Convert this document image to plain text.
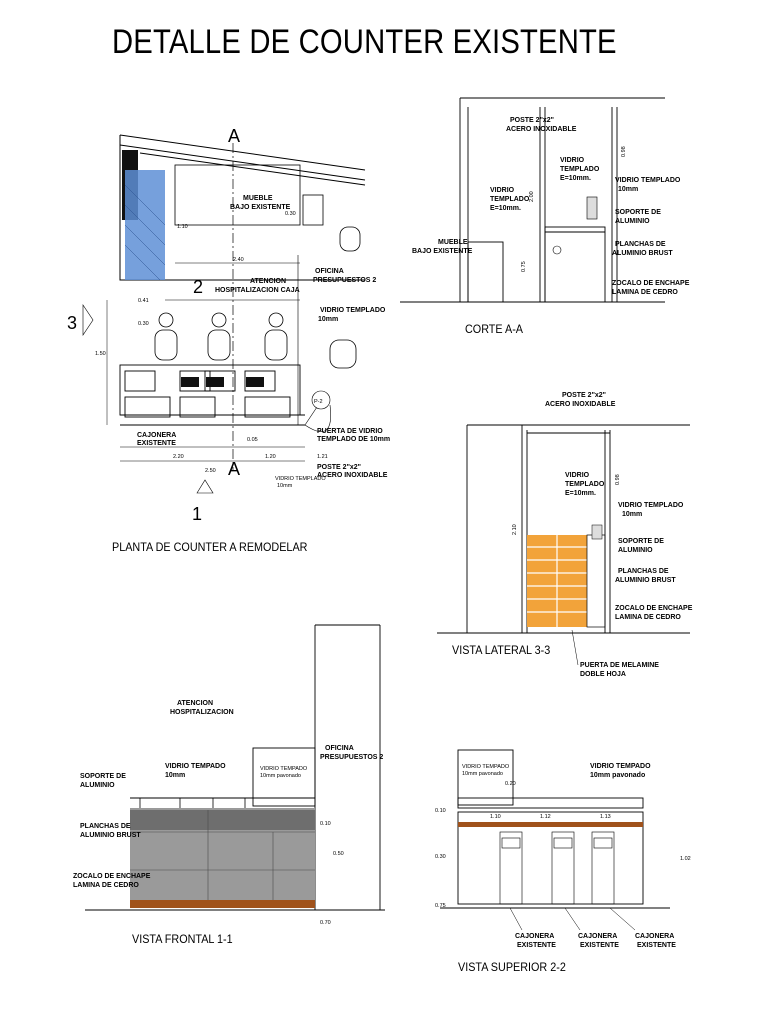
DETALLE DE COUNTER EXISTENTE
A
A
1
2
3
P-2
MUEBLE
BAJO EXISTENTE
ATENCION
HOSPITALIZACION CAJA
OFICINA
PRESUPUESTOS 2
VIDRIO TEMPLADO
10mm
CAJONERA
EXISTENTE
PUERTA DE VIDRIO
TEMPLADO DE 10mm
POSTE 2"x2"
ACERO INOXIDABLE
VIDRIO TEMPLADO
10mm
0.30
1.10
2.40
0.41
0.30
1.50
0.05
2.20	1.20	1.21
2.50
PLANTA DE COUNTER A REMODELAR
POSTE 2"x2"
ACERO INOXIDABLE
VIDRIO
TEMPLADO
E=10mm.
VIDRIO
TEMPLADO
E=10mm.
VIDRIO TEMPLADO
10mm
SOPORTE DE
ALUMINIO
PLANCHAS DE
ALUMINIO BRUST
ZOCALO DE ENCHAPE
LAMINA DE CEDRO
MUEBLE
BAJO EXISTENTE
2.00
0.98
0.75
CORTE A-A
POSTE 2"x2"
ACERO INOXIDABLE
VIDRIO
TEMPLADO
E=10mm.
VIDRIO TEMPLADO
10mm
SOPORTE DE
ALUMINIO
PLANCHAS DE
ALUMINIO BRUST
ZOCALO DE ENCHAPE
LAMINA DE CEDRO
PUERTA DE MELAMINE
DOBLE HOJA
2.10
0.98
VISTA LATERAL 3-3
ATENCION
HOSPITALIZACION
OFICINA
PRESUPUESTOS 2
VIDRIO TEMPADO
10mm
VIDRIO TEMPADO
10mm pavonado
SOPORTE DE
ALUMINIO
PLANCHAS DE
ALUMINIO BRUST
ZOCALO DE ENCHAPE
LAMINA DE CEDRO
0.10
0.50
0.70
VISTA FRONTAL 1-1
VIDRIO TEMPADO
10mm pavonado
VIDRIO TEMPADO
10mm pavonado
CAJONERA
EXISTENTE
CAJONERA
EXISTENTE
CAJONERA
EXISTENTE
0.20
0.10
0.30
0.75
1.02
1.10	1.12	1.13
VISTA SUPERIOR 2-2
